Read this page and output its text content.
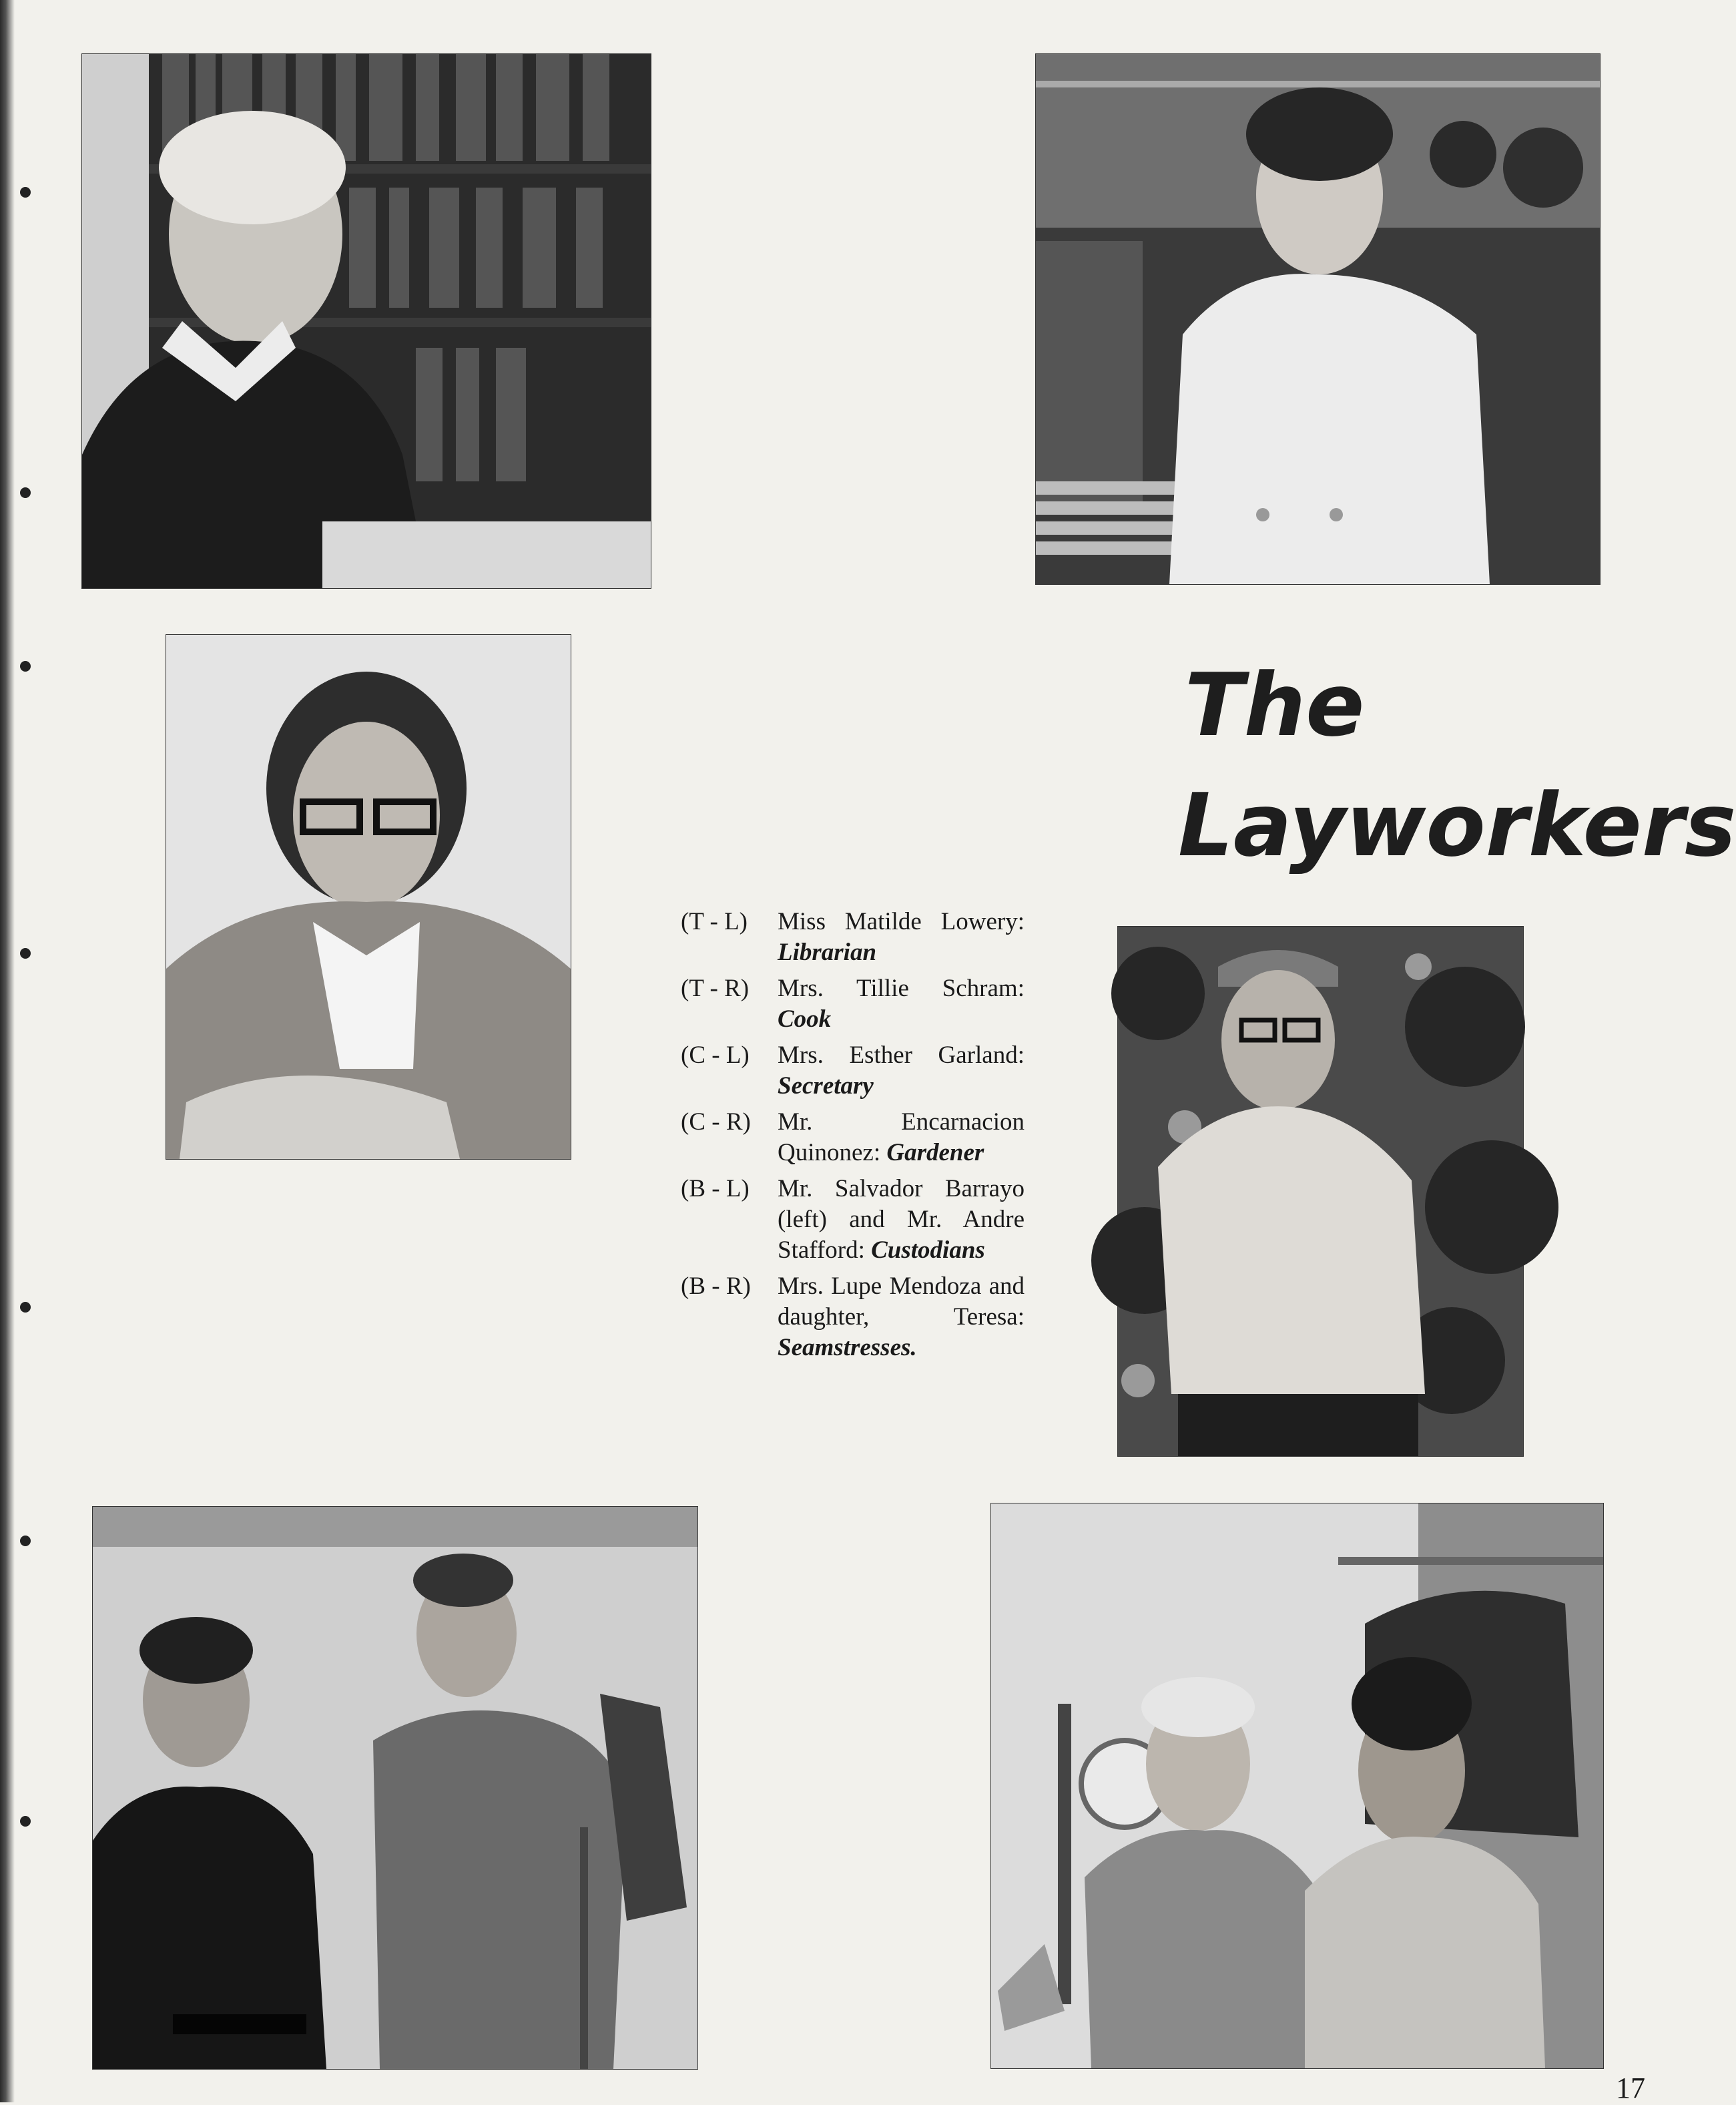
The
Layworkers
(T - L)	Miss Matilde Lowery: Librarian
(T - R)	Mrs. Tillie Schram: Cook
(C - L)	Mrs. Esther Garland: Secretary
(C - R)	Mr. Encarnacion Quinonez: Gardener
(B - L)	Mr. Salvador Barrayo (left) and Mr. Andre Stafford: Custodians
(B - R)	Mrs. Lupe Mendoza and daughter, Teresa: Seamstresses.
17
